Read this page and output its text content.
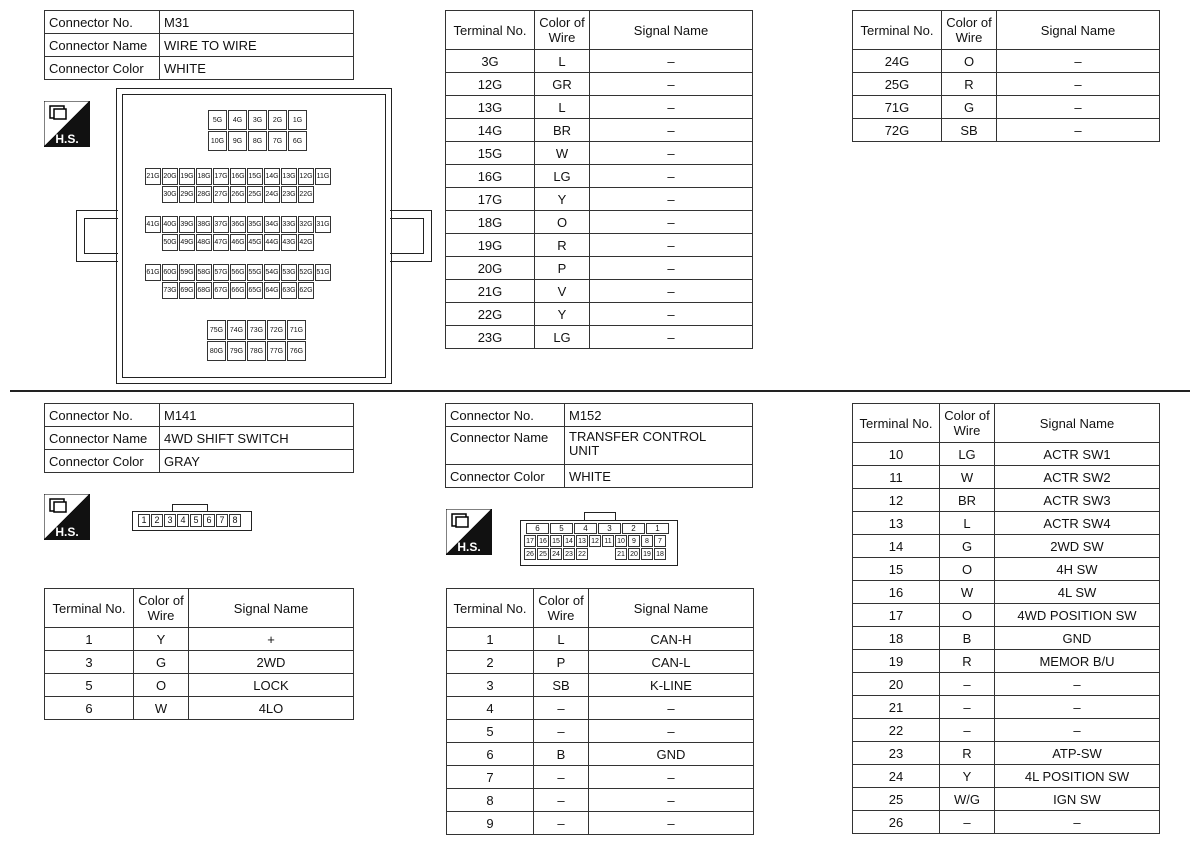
Connector No.	M31
Connector Name	WIRE TO WIRE
Connector Color	WHITE
H.S.
5G	4G	3G	2G	1G
10G	9G	8G	7G	6G
21G 20G 19G 18G 17G 16G 15G 14G 13G 12G 11G
30G 29G 28G 27G 26G 25G 24G 23G 22G
41G 40G 39G 38G 37G 36G 35G 34G 33G 32G 31G
50G 49G 48G 47G 46G 45G 44G 43G 42G
61G 60G 59G 58G 57G 56G 55G 54G 53G 52G 51G
73G 69G 68G 67G 66G 65G 64G 63G 62G
75G 74G 73G 72G 71G
80G 79G 78G 77G 76G
Terminal No.	Color of Wire	Signal Name
3G	L	–
12G	GR	–
13G	L	–
14G	BR	–
15G	W	–
16G	LG	–
17G	Y	–
18G	O	–
19G	R	–
20G	P	–
21G	V	–
22G	Y	–
23G	LG	–
Terminal No.	Color of Wire	Signal Name
24G	O	–
25G	R	–
71G	G	–
72G	SB	–
Connector No.	M141
Connector Name	4WD SHIFT SWITCH
Connector Color	GRAY
H.S.
1 2 3 4 5 6 7 8
Terminal No.	Color of Wire	Signal Name
1	Y	+
3	G	2WD
5	O	LOCK
6	W	4LO
Connector No.	M152
Connector Name	TRANSFER CONTROL UNIT
Connector Color	WHITE
H.S.
6	5	4	3	2	1
17 16 15 14 13 12 11 10	9	8	7
26 25 24 23 22	21 20 19 18
Terminal No.	Color of Wire	Signal Name
1	L	CAN-H
2	P	CAN-L
3	SB	K-LINE
4	–	–
5	–	–
6	B	GND
7	–	–
8	–	–
9	–	–
Terminal No.	Color of Wire	Signal Name
10	LG	ACTR SW1
11	W	ACTR SW2
12	BR	ACTR SW3
13	L	ACTR SW4
14	G	2WD SW
15	O	4H SW
16	W	4L SW
17	O	4WD POSITION SW
18	B	GND
19	R	MEMOR B/U
20	–	–
21	–	–
22	–	–
23	R	ATP-SW
24	Y	4L POSITION SW
25	W/G	IGN SW
26	–	–
